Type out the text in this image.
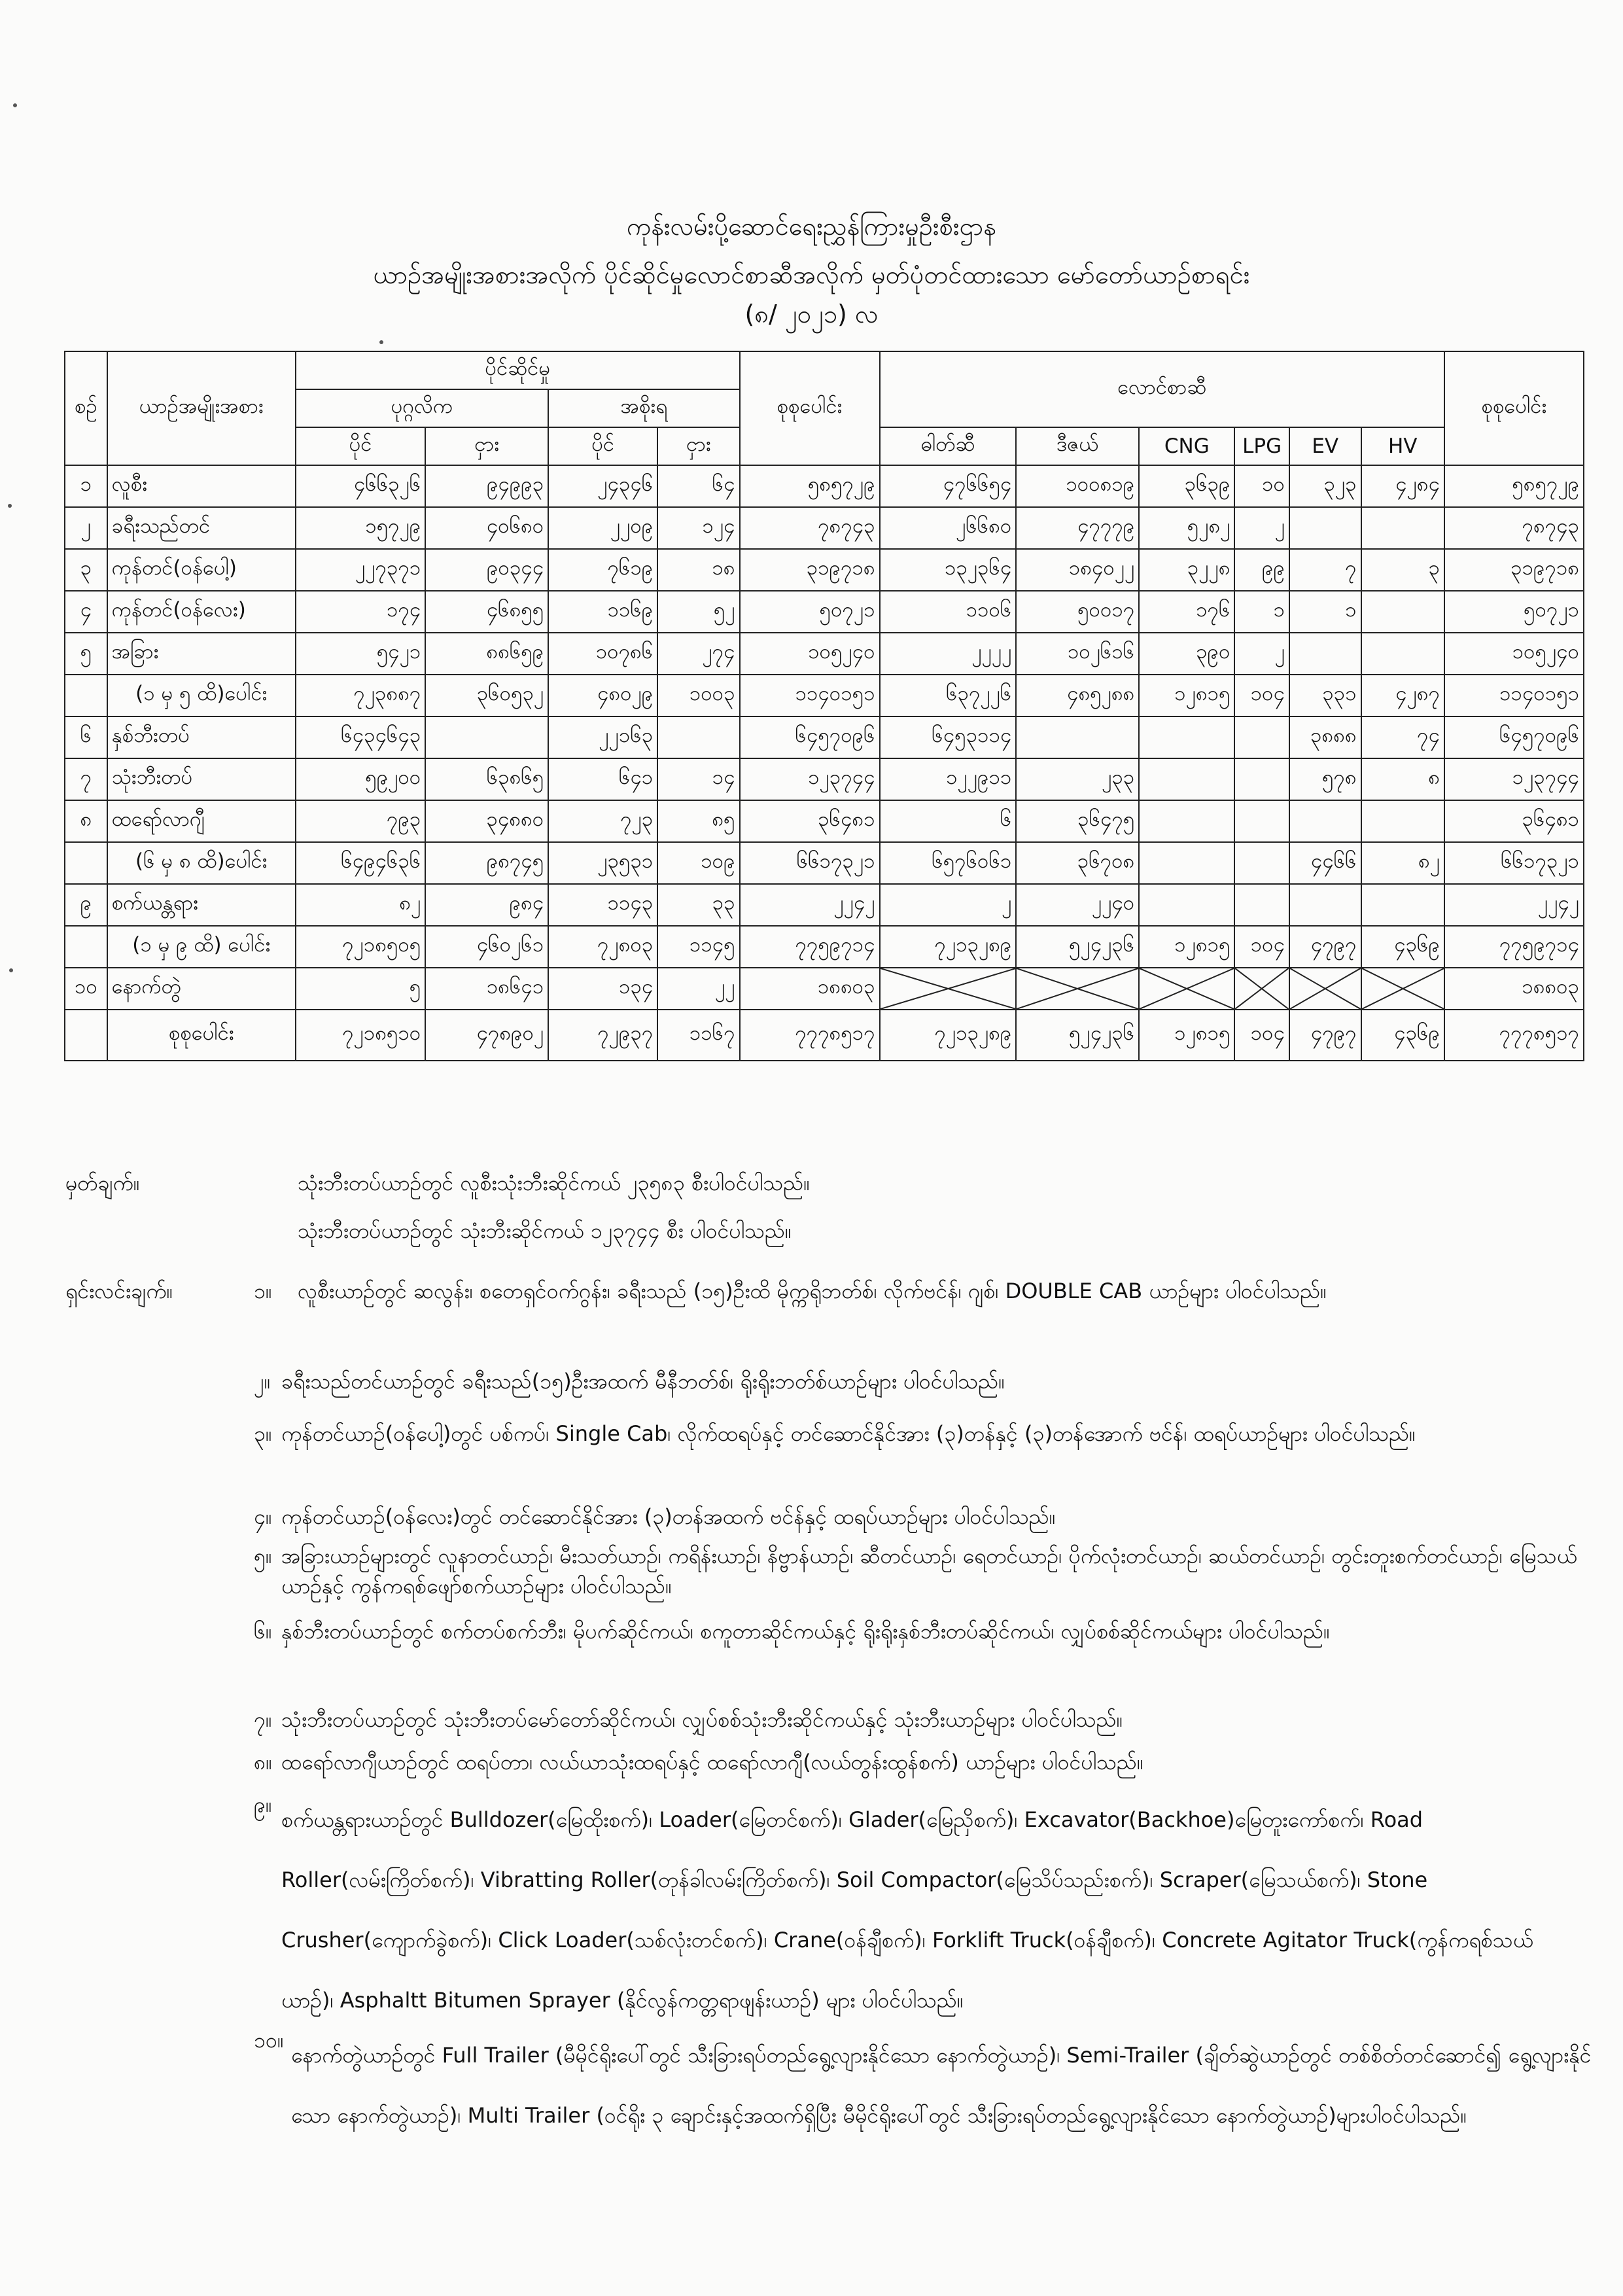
ကုန်းလမ်းပို့ဆောင်ရေးညွှန်ကြားမှုဦးစီးဌာန
ယာဉ်အမျိုးအစားအလိုက် ပိုင်ဆိုင်မှုလောင်စာဆီအလိုက် မှတ်ပုံတင်ထားသော မော်တော်ယာဉ်စာရင်း
(၈/ ၂၀၂၁) လ
စဉ်	ယာဉ်အမျိုးအစား	ပိုင်ဆိုင်မှု				စုစုပေါင်း	လောင်စာဆီ						စုစုပေါင်း
		ပုဂ္ဂလိက		အစိုးရ									
		ပိုင်	ငှား	ပိုင်	ငှား		ဓါတ်ဆီ	ဒီဇယ်	CNG	LPG	EV	HV	
၁	လူစီး	၄၆၆၃၂၆	၉၄၉၉၃	၂၄၃၄၆	၆၄	၅၈၅၇၂၉	၄၇၆၆၅၄	၁၀၀၈၁၉	၃၆၃၉	၁၀	၃၂၃	၄၂၈၄	၅၈၅၇၂၉
၂	ခရီးသည်တင်	၁၅၇၂၉	၄၀၆၈၀	၂၂၀၉	၁၂၄	၇၈၇၄၃	၂၆၆၈၀	၄၇၇၇၉	၅၂၈၂	၂			၇၈၇၄၃
၃	ကုန်တင်(ဝန်ပေါ့)	၂၂၇၃၇၁	၉၀၃၄၄	၇၆၁၉	၁၈	၃၁၉၇၁၈	၁၃၂၃၆၄	၁၈၄၀၂၂	၃၂၂၈	၉၉	၇	၃	၃၁၉၇၁၈
၄	ကုန်တင်(ဝန်လေး)	၁၇၄	၄၆၈၅၅	၁၁၆၉	၅၂	၅၀၇၂၁	၁၁၀၆	၅၀၀၁၇	၁၇၆	၁	၁		၅၀၇၂၁
၅	အခြား	၅၄၂၁	၈၈၆၅၉	၁၀၇၈၆	၂၇၄	၁၀၅၂၄၀	၂၂၂၂	၁၀၂၆၁၆	၃၉၀	၂			၁၀၅၂၄၀
	(၁ မှ ၅ ထိ)ပေါင်း	၇၂၃၈၈၇	၃၆၀၅၃၂	၄၈၀၂၉	၁၀၀၃	၁၁၄၀၁၅၁	၆၃၇၂၂၆	၄၈၅၂၈၈	၁၂၈၁၅	၁၀၄	၃၃၁	၄၂၈၇	၁၁၄၀၁၅၁
၆	နှစ်ဘီးတပ်	၆၄၃၄၆၄၃		၂၂၁၆၃		၆၄၅၇၀၉၆	၆၄၅၃၁၁၄				၃၈၈၈	၇၄	၆၄၅၇၀၉၆
၇	သုံးဘီးတပ်	၅၉၂၀၀	၆၃၈၆၅	၆၄၁	၁၄	၁၂၃၇၄၄	၁၂၂၉၁၁	၂၃၃			၅၇၈	၈	၁၂၃၇၄၄
၈	ထရော်လာဂျီ	၇၉၃	၃၄၈၈၀	၇၂၃	၈၅	၃၆၄၈၁	၆	၃၆၄၇၅					၃၆၄၈၁
	(၆ မှ ၈ ထိ)ပေါင်း	၆၄၉၄၆၃၆	၉၈၇၄၅	၂၃၅၃၁	၁၀၉	၆၆၁၇၃၂၁	၆၅၇၆၀၆၁	၃၆၇၀၈			၄၄၆၆	၈၂	၆၆၁၇၃၂၁
၉	စက်ယန္တရား	၈၂	၉၈၄	၁၁၄၃	၃၃	၂၂၄၂	၂	၂၂၄၀					၂၂၄၂
	(၁ မှ ၉ ထိ) ပေါင်း	၇၂၁၈၅၀၅	၄၆၀၂၆၁	၇၂၈၀၃	၁၁၄၅	၇၇၅၉၇၁၄	၇၂၁၃၂၈၉	၅၂၄၂၃၆	၁၂၈၁၅	၁၀၄	၄၇၉၇	၄၃၆၉	၇၇၅၉၇၁၄
၁၀	နောက်တွဲ	၅	၁၈၆၄၁	၁၃၄	၂၂	၁၈၈၀၃							၁၈၈၀၃
	စုစုပေါင်း	၇၂၁၈၅၁၀	၄၇၈၉၀၂	၇၂၉၃၇	၁၁၆၇	၇၇၇၈၅၁၇	၇၂၁၃၂၈၉	၅၂၄၂၃၆	၁၂၈၁၅	၁၀၄	၄၇၉၇	၄၃၆၉	၇၇၇၈၅၁၇
မှတ်ချက်။	သုံးဘီးတပ်ယာဉ်တွင် လူစီးသုံးဘီးဆိုင်ကယ် ၂၃၅၈၃ စီးပါဝင်ပါသည်။
သုံးဘီးတပ်ယာဉ်တွင် သုံးဘီးဆိုင်ကယ် ၁၂၃၇၄၄ စီး ပါဝင်ပါသည်။
ရှင်းလင်းချက်။	၁။ လူစီးယာဉ်တွင် ဆလွန်း၊ စတေရှင်ဝက်ဂွန်း၊ ခရီးသည် (၁၅)ဦးထိ မိုက္ကရိုဘတ်စ်၊ လိုက်ဗင်န်၊ ဂျစ်၊ DOUBLE CAB ယာဉ်များ ပါဝင်ပါသည်။
၂။ ခရီးသည်တင်ယာဉ်တွင် ခရီးသည်(၁၅)ဦးအထက် မီနီဘတ်စ်၊ ရိုးရိုးဘတ်စ်ယာဉ်များ ပါဝင်ပါသည်။
၃။ ကုန်တင်ယာဉ်(ဝန်ပေါ့)တွင် ပစ်ကပ်၊ Single Cab၊ လိုက်ထရပ်နှင့် တင်ဆောင်နိုင်အား (၃)တန်နှင့် (၃)တန်အောက် ဗင်န်၊ ထရပ်ယာဉ်များ ပါဝင်ပါသည်။
၄။ ကုန်တင်ယာဉ်(ဝန်လေး)တွင် တင်ဆောင်နိုင်အား (၃)တန်အထက် ဗင်န်နှင့် ထရပ်ယာဉ်များ ပါဝင်ပါသည်။
၅။ အခြားယာဉ်များတွင် လူနာတင်ယာဉ်၊ မီးသတ်ယာဉ်၊ ကရိန်းယာဉ်၊ နိဗ္ဗာန်ယာဉ်၊ ဆီတင်ယာဉ်၊ ရေတင်ယာဉ်၊ ပိုက်လုံးတင်ယာဉ်၊ ဆယ်တင်ယာဉ်၊ တွင်းတူးစက်တင်ယာဉ်၊ မြေသယ်ယာဉ်နှင့် ကွန်ကရစ်ဖျော်စက်ယာဉ်များ ပါဝင်ပါသည်။
၆။ နှစ်ဘီးတပ်ယာဉ်တွင် စက်တပ်စက်ဘီး၊ မိုပက်ဆိုင်ကယ်၊ စကူတာဆိုင်ကယ်နှင့် ရိုးရိုးနှစ်ဘီးတပ်ဆိုင်ကယ်၊ လျှပ်စစ်ဆိုင်ကယ်များ ပါဝင်ပါသည်။
၇။ သုံးဘီးတပ်ယာဉ်တွင် သုံးဘီးတပ်မော်တော်ဆိုင်ကယ်၊ လျှပ်စစ်သုံးဘီးဆိုင်ကယ်နှင့် သုံးဘီးယာဉ်များ ပါဝင်ပါသည်။
၈။ ထရော်လာဂျီယာဉ်တွင် ထရပ်တာ၊ လယ်ယာသုံးထရပ်နှင့် ထရော်လာဂျီ(လယ်တွန်းထွန်စက်) ယာဉ်များ ပါဝင်ပါသည်။
၉။
စက်ယန္တရားယာဉ်တွင် Bulldozer(မြေထိုးစက်)၊ Loader(မြေတင်စက်)၊ Glader(မြေညှိစက်)၊ Excavator(Backhoe)မြေတူးကော်စက်၊ Road Roller(လမ်းကြိတ်စက်)၊ Vibratting Roller(တုန်ခါလမ်းကြိတ်စက်)၊ Soil Compactor(မြေသိပ်သည်းစက်)၊ Scraper(မြေသယ်စက်)၊ Stone Crusher(ကျောက်ခွဲစက်)၊ Click Loader(သစ်လုံးတင်စက်)၊ Crane(ဝန်ချီစက်)၊ Forklift Truck(ဝန်ချီစက်)၊ Concrete Agitator Truck(ကွန်ကရစ်သယ်ယာဉ်)၊ Asphaltt Bitumen Sprayer (နိုင်လွန်ကတ္တရာဖျန်းယာဉ်) များ ပါဝင်ပါသည်။
၁၀။
နောက်တွဲယာဉ်တွင် Full Trailer (မီမိုင်ရိုးပေါ်တွင် သီးခြားရပ်တည်ရွေ့လျားနိုင်သော နောက်တွဲယာဉ်)၊ Semi-Trailer (ချိတ်ဆွဲယာဉ်တွင် တစ်စိတ်တင်ဆောင်၍ ရွေ့လျားနိုင်သော နောက်တွဲယာဉ်)၊ Multi Trailer (ဝင်ရိုး ၃ ချောင်းနှင့်အထက်ရှိပြီး မီမိုင်ရိုးပေါ်တွင် သီးခြားရပ်တည်ရွေ့လျားနိုင်သော နောက်တွဲယာဉ်)များပါဝင်ပါသည်။
